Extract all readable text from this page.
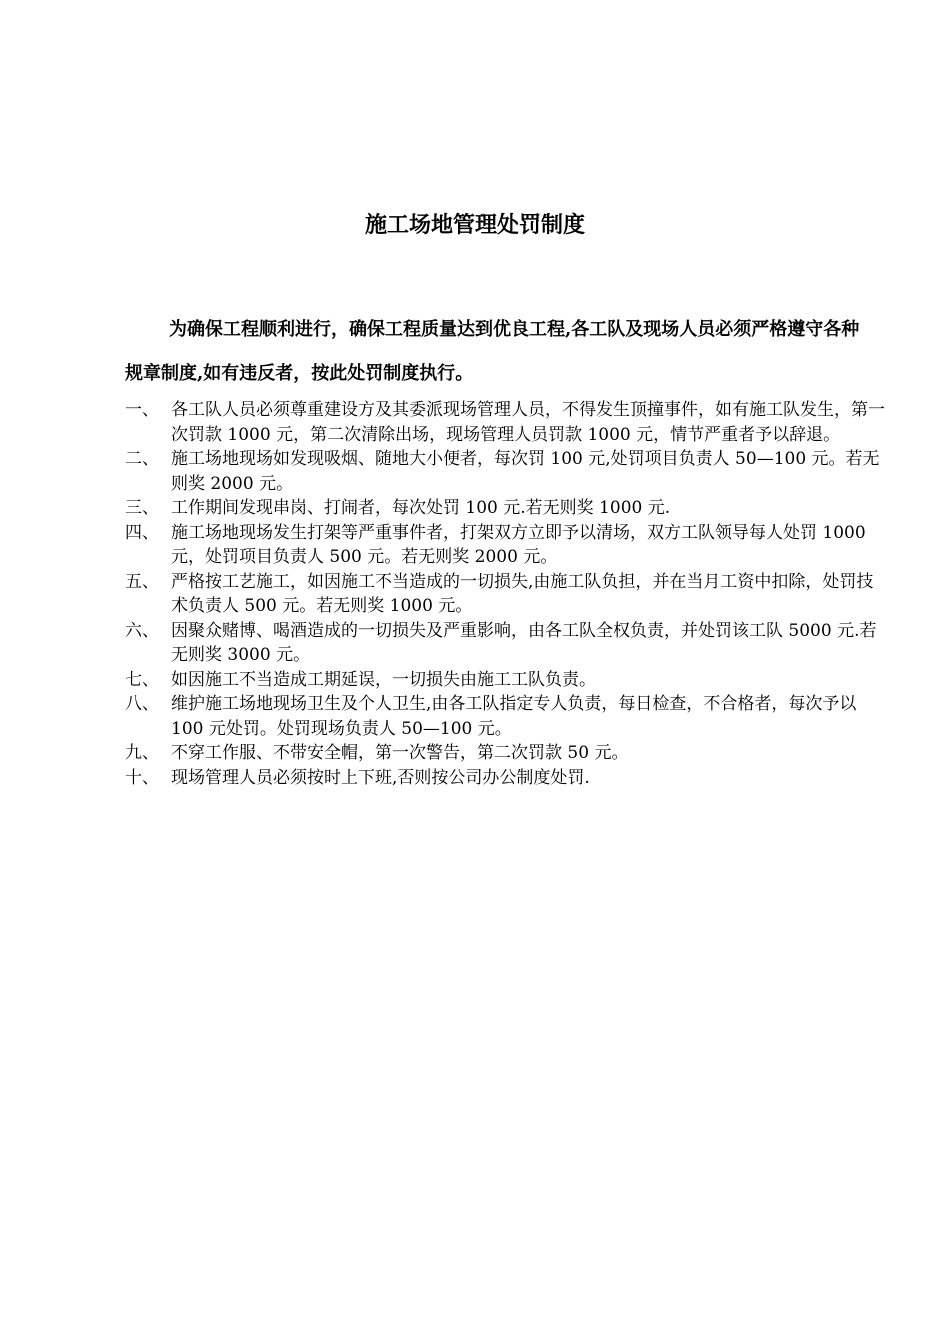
施工场地管理处罚制度

为确保工程顺利进行，确保工程质量达到优良工程,各工队及现场人员必须严格遵守各种规章制度,如有违反者，按此处罚制度执行。

一、 各工队人员必须尊重建设方及其委派现场管理人员，不得发生顶撞事件，如有施工队发生，第一次罚款 1000 元，第二次清除出场，现场管理人员罚款 1000 元，情节严重者予以辞退。
二、 施工场地现场如发现吸烟、随地大小便者，每次罚 100 元,处罚项目负责人 50—100 元。若无则奖 2000 元。
三、 工作期间发现串岗、打闹者，每次处罚 100 元.若无则奖 1000 元.
四、 施工场地现场发生打架等严重事件者，打架双方立即予以清场，双方工队领导每人处罚 1000 元，处罚项目负责人 500 元。若无则奖 2000 元。
五、 严格按工艺施工，如因施工不当造成的一切损失,由施工队负担，并在当月工资中扣除，处罚技术负责人 500 元。若无则奖 1000 元。
六、 因聚众赌博、喝酒造成的一切损失及严重影响，由各工队全权负责，并处罚该工队 5000 元.若无则奖 3000 元。
七、 如因施工不当造成工期延误，一切损失由施工工队负责。
八、 维护施工场地现场卫生及个人卫生,由各工队指定专人负责，每日检查，不合格者，每次予以 100 元处罚。处罚现场负责人 50—100 元。
九、 不穿工作服、不带安全帽，第一次警告，第二次罚款 50 元。
十、 现场管理人员必须按时上下班,否则按公司办公制度处罚.
